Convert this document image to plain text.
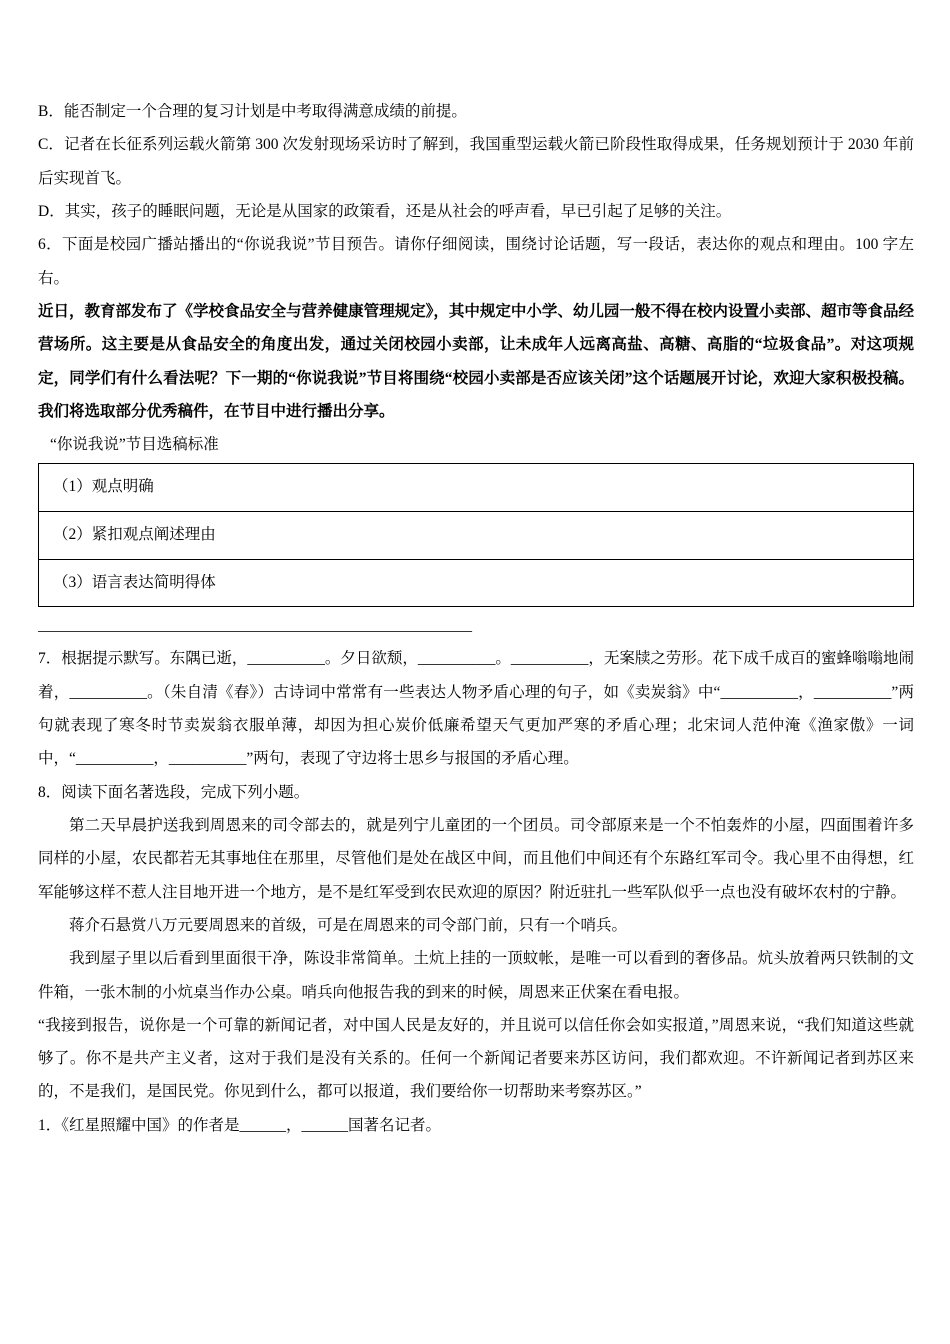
B．能否制定一个合理的复习计划是中考取得满意成绩的前提。

C．记者在长征系列运载火箭第 300 次发射现场采访时了解到，我国重型运载火箭已阶段性取得成果，任务规划预计于 2030 年前后实现首飞。

D．其实，孩子的睡眠问题，无论是从国家的政策看，还是从社会的呼声看，早已引起了足够的关注。

6．下面是校园广播站播出的“你说我说”节目预告。请你仔细阅读，围绕讨论话题，写一段话，表达你的观点和理由。100 字左右。

近日，教育部发布了《学校食品安全与营养健康管理规定》，其中规定中小学、幼儿园一般不得在校内设置小卖部、超市等食品经营场所。这主要是从食品安全的角度出发，通过关闭校园小卖部，让未成年人远离高盐、高糖、高脂的“垃圾食品”。对这项规定，同学们有什么看法呢？下一期的“你说我说”节目将围绕“校园小卖部是否应该关闭”这个话题展开讨论，欢迎大家积极投稿。我们将选取部分优秀稿件，在节目中进行播出分享。

“你说我说”节目选稿标准

（1）观点明确
（2）紧扣观点阐述理由
（3）语言表达简明得体

________________________________________________________

7．根据提示默写。东隅已逝，__________。夕日欲颓，__________。__________，无案牍之劳形。花下成千成百的蜜蜂嗡嗡地闹着，__________。（朱自清《春》）古诗词中常常有一些表达人物矛盾心理的句子，如《卖炭翁》中“__________，__________”两句就表现了寒冬时节卖炭翁衣服单薄，却因为担心炭价低廉希望天气更加严寒的矛盾心理；北宋词人范仲淹《渔家傲》一词中，“__________，__________”两句，表现了守边将士思乡与报国的矛盾心理。

8．阅读下面名著选段，完成下列小题。

第二天早晨护送我到周恩来的司令部去的，就是列宁儿童团的一个团员。司令部原来是一个不怕轰炸的小屋，四面围着许多同样的小屋，农民都若无其事地住在那里，尽管他们是处在战区中间，而且他们中间还有个东路红军司令。我心里不由得想，红军能够这样不惹人注目地开进一个地方，是不是红军受到农民欢迎的原因？附近驻扎一些军队似乎一点也没有破坏农村的宁静。

蒋介石悬赏八万元要周恩来的首级，可是在周恩来的司令部门前，只有一个哨兵。

我到屋子里以后看到里面很干净，陈设非常简单。土炕上挂的一顶蚊帐，是唯一可以看到的奢侈品。炕头放着两只铁制的文件箱，一张木制的小炕桌当作办公桌。哨兵向他报告我的到来的时候，周恩来正伏案在看电报。

“我接到报告，说你是一个可靠的新闻记者，对中国人民是友好的，并且说可以信任你会如实报道，”周恩来说，“我们知道这些就够了。你不是共产主义者，这对于我们是没有关系的。任何一个新闻记者要来苏区访问，我们都欢迎。不许新闻记者到苏区来的，不是我们，是国民党。你见到什么，都可以报道，我们要给你一切帮助来考察苏区。”

1．《红星照耀中国》的作者是______，______国著名记者。
